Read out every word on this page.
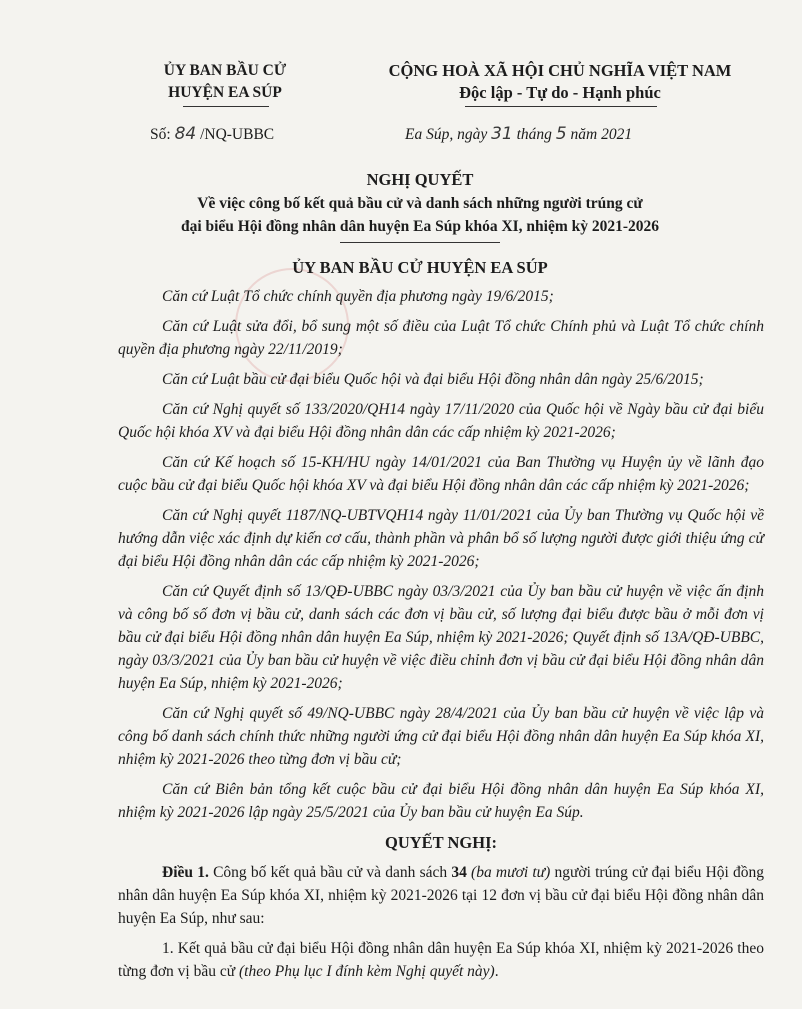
ỦY BAN BẦU CỬ
HUYỆN EA SÚP
CỘNG HOÀ XÃ HỘI CHỦ NGHĨA VIỆT NAM
Độc lập - Tự do - Hạnh phúc
Số: 84 /NQ-UBBC	Ea Súp, ngày 31 tháng 5 năm 2021
NGHỊ QUYẾT
Về việc công bố kết quả bầu cử và danh sách những người trúng cử
đại biểu Hội đồng nhân dân huyện Ea Súp khóa XI, nhiệm kỳ 2021-2026
ỦY BAN BẦU CỬ HUYỆN EA SÚP

Căn cứ Luật Tổ chức chính quyền địa phương ngày 19/6/2015;

Căn cứ Luật sửa đổi, bổ sung một số điều của Luật Tổ chức Chính phủ và Luật Tổ chức chính quyền địa phương ngày 22/11/2019;

Căn cứ Luật bầu cử đại biểu Quốc hội và đại biểu Hội đồng nhân dân ngày 25/6/2015;

Căn cứ Nghị quyết số 133/2020/QH14 ngày 17/11/2020 của Quốc hội về Ngày bầu cử đại biểu Quốc hội khóa XV và đại biểu Hội đồng nhân dân các cấp nhiệm kỳ 2021-2026;

Căn cứ Kế hoạch số 15-KH/HU ngày 14/01/2021 của Ban Thường vụ Huyện ủy về lãnh đạo cuộc bầu cử đại biểu Quốc hội khóa XV và đại biểu Hội đồng nhân dân các cấp nhiệm kỳ 2021-2026;

Căn cứ Nghị quyết 1187/NQ-UBTVQH14 ngày 11/01/2021 của Ủy ban Thường vụ Quốc hội về hướng dẫn việc xác định dự kiến cơ cấu, thành phần và phân bổ số lượng người được giới thiệu ứng cử đại biểu Hội đồng nhân dân các cấp nhiệm kỳ 2021-2026;

Căn cứ Quyết định số 13/QĐ-UBBC ngày 03/3/2021 của Ủy ban bầu cử huyện về việc ấn định và công bố số đơn vị bầu cử, danh sách các đơn vị bầu cử, số lượng đại biểu được bầu ở mỗi đơn vị bầu cử đại biểu Hội đồng nhân dân huyện Ea Súp, nhiệm kỳ 2021-2026; Quyết định số 13A/QĐ-UBBC, ngày 03/3/2021 của Ủy ban bầu cử huyện về việc điều chỉnh đơn vị bầu cử đại biểu Hội đồng nhân dân huyện Ea Súp, nhiệm kỳ 2021-2026;

Căn cứ Nghị quyết số 49/NQ-UBBC ngày 28/4/2021 của Ủy ban bầu cử huyện về việc lập và công bố danh sách chính thức những người ứng cử đại biểu Hội đồng nhân dân huyện Ea Súp khóa XI, nhiệm kỳ 2021-2026 theo từng đơn vị bầu cử;

Căn cứ Biên bản tổng kết cuộc bầu cử đại biểu Hội đồng nhân dân huyện Ea Súp khóa XI, nhiệm kỳ 2021-2026 lập ngày 25/5/2021 của Ủy ban bầu cử huyện Ea Súp.

QUYẾT NGHỊ:

Điều 1. Công bố kết quả bầu cử và danh sách 34 (ba mươi tư) người trúng cử đại biểu Hội đồng nhân dân huyện Ea Súp khóa XI, nhiệm kỳ 2021-2026 tại 12 đơn vị bầu cử đại biểu Hội đồng nhân dân huyện Ea Súp, như sau:

1. Kết quả bầu cử đại biểu Hội đồng nhân dân huyện Ea Súp khóa XI, nhiệm kỳ 2021-2026 theo từng đơn vị bầu cử (theo Phụ lục I đính kèm Nghị quyết này).
